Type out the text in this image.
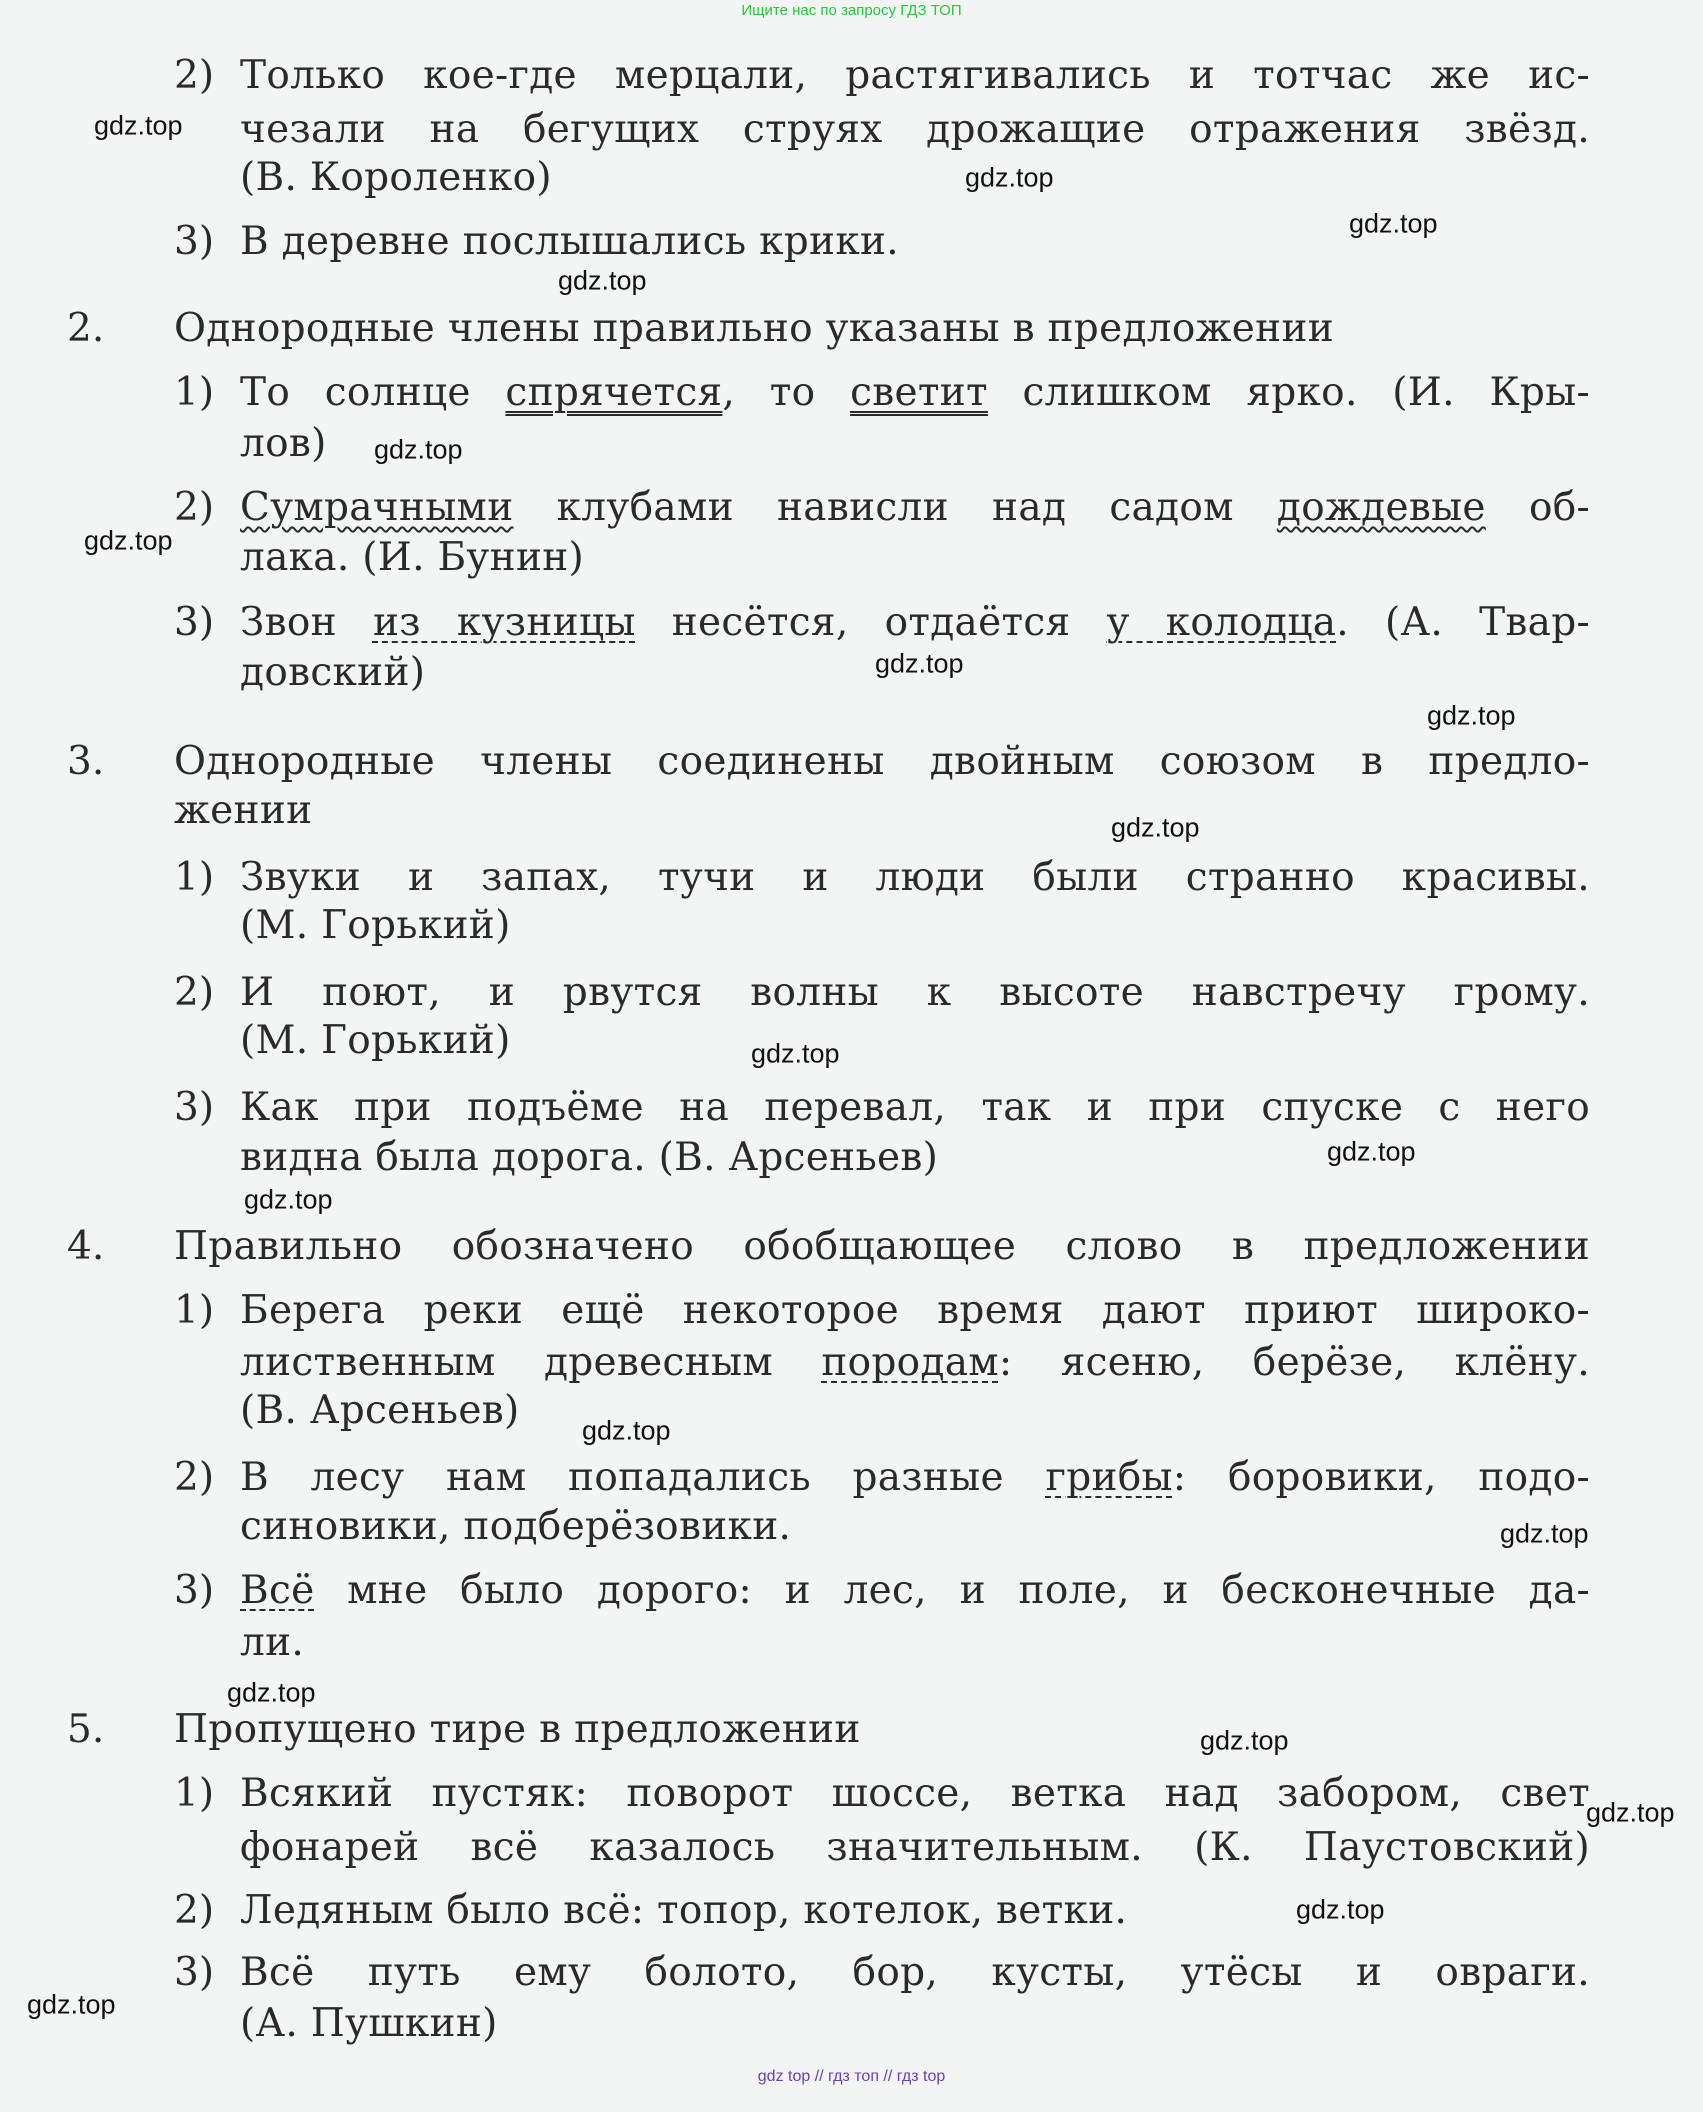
Ищите нас по запросу ГДЗ ТОП
2) Только кое-где мерцали, растягивались и тотчас же ис-
чезали на бегущих струях дрожащие отражения звёзд.
(В. Короленко)
3) В деревне послышались крики.
2. Однородные члены правильно указаны в предложении
1) То солнце спрячется, то светит слишком ярко. (И. Кры-
лов)
2) Сумрачными клубами нависли над садом дождевые об-
лака. (И. Бунин)
3) Звон из кузницы несётся, отдаётся у колодца. (А. Твар-
довский)
3. Однородные члены соединены двойным союзом в предло-
жении
1) Звуки и запах, тучи и люди были странно красивы.
(М. Горький)
2) И поют, и рвутся волны к высоте навстречу грому.
(М. Горький)
3) Как при подъёме на перевал, так и при спуске с него
видна была дорога. (В. Арсеньев)
4. Правильно обозначено обобщающее слово в предложении
1) Берега реки ещё некоторое время дают приют широко-
лиственным древесным породам: ясеню, берёзе, клёну.
(В. Арсеньев)
2) В лесу нам попадались разные грибы: боровики, подо-
синовики, подберёзовики.
3) Всё мне было дорого: и лес, и поле, и бесконечные да-
ли.
5. Пропущено тире в предложении
1) Всякий пустяк: поворот шоссе, ветка над забором, свет
фонарей всё казалось значительным. (К. Паустовский)
2) Ледяным было всё: топор, котелок, ветки.
3) Всё путь ему болото, бор, кусты, утёсы и овраги.
(А. Пушкин)
gdz.top
gdz.top
gdz.top
gdz.top
gdz.top
gdz.top
gdz.top
gdz.top
gdz.top
gdz.top
gdz.top
gdz.top
gdz.top
gdz.top
gdz.top
gdz.top
gdz.top
gdz.top
gdz.top
gdz top // гдз топ // гдз top
